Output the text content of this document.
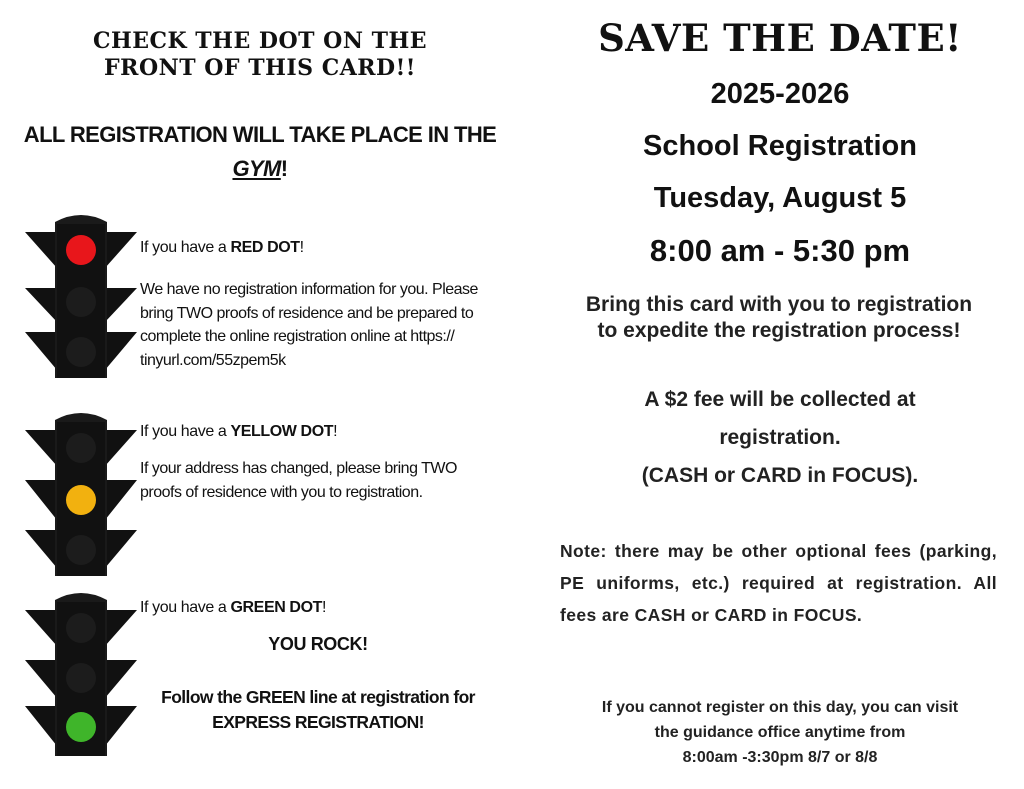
CHECK THE DOT ON THE
FRONT OF THIS CARD!!
ALL REGISTRATION WILL TAKE PLACE IN THE
GYM!
If you have a RED DOT!
We have no registration information for you. Please bring TWO proofs of residence and be prepared to complete the online registration online at https:// tinyurl.com/55zpem5k
If you have a YELLOW DOT!
If your address has changed, please bring TWO proofs of residence with you to registration.
If you have a GREEN DOT!
YOU ROCK!
Follow the GREEN line at registration for
EXPRESS REGISTRATION!
SAVE THE DATE!
2025-2026
School Registration
Tuesday, August 5
8:00 am - 5:30 pm
Bring this card with you to registration
to expedite the registration process!
A $2 fee will be collected at
registration.
(CASH or CARD in FOCUS).
Note: there may be other optional fees (parking, PE uniforms, etc.) required at registration. All fees are CASH or CARD in FOCUS.
If you cannot register on this day, you can visit
the guidance office anytime from
8:00am -3:30pm 8/7 or 8/8
